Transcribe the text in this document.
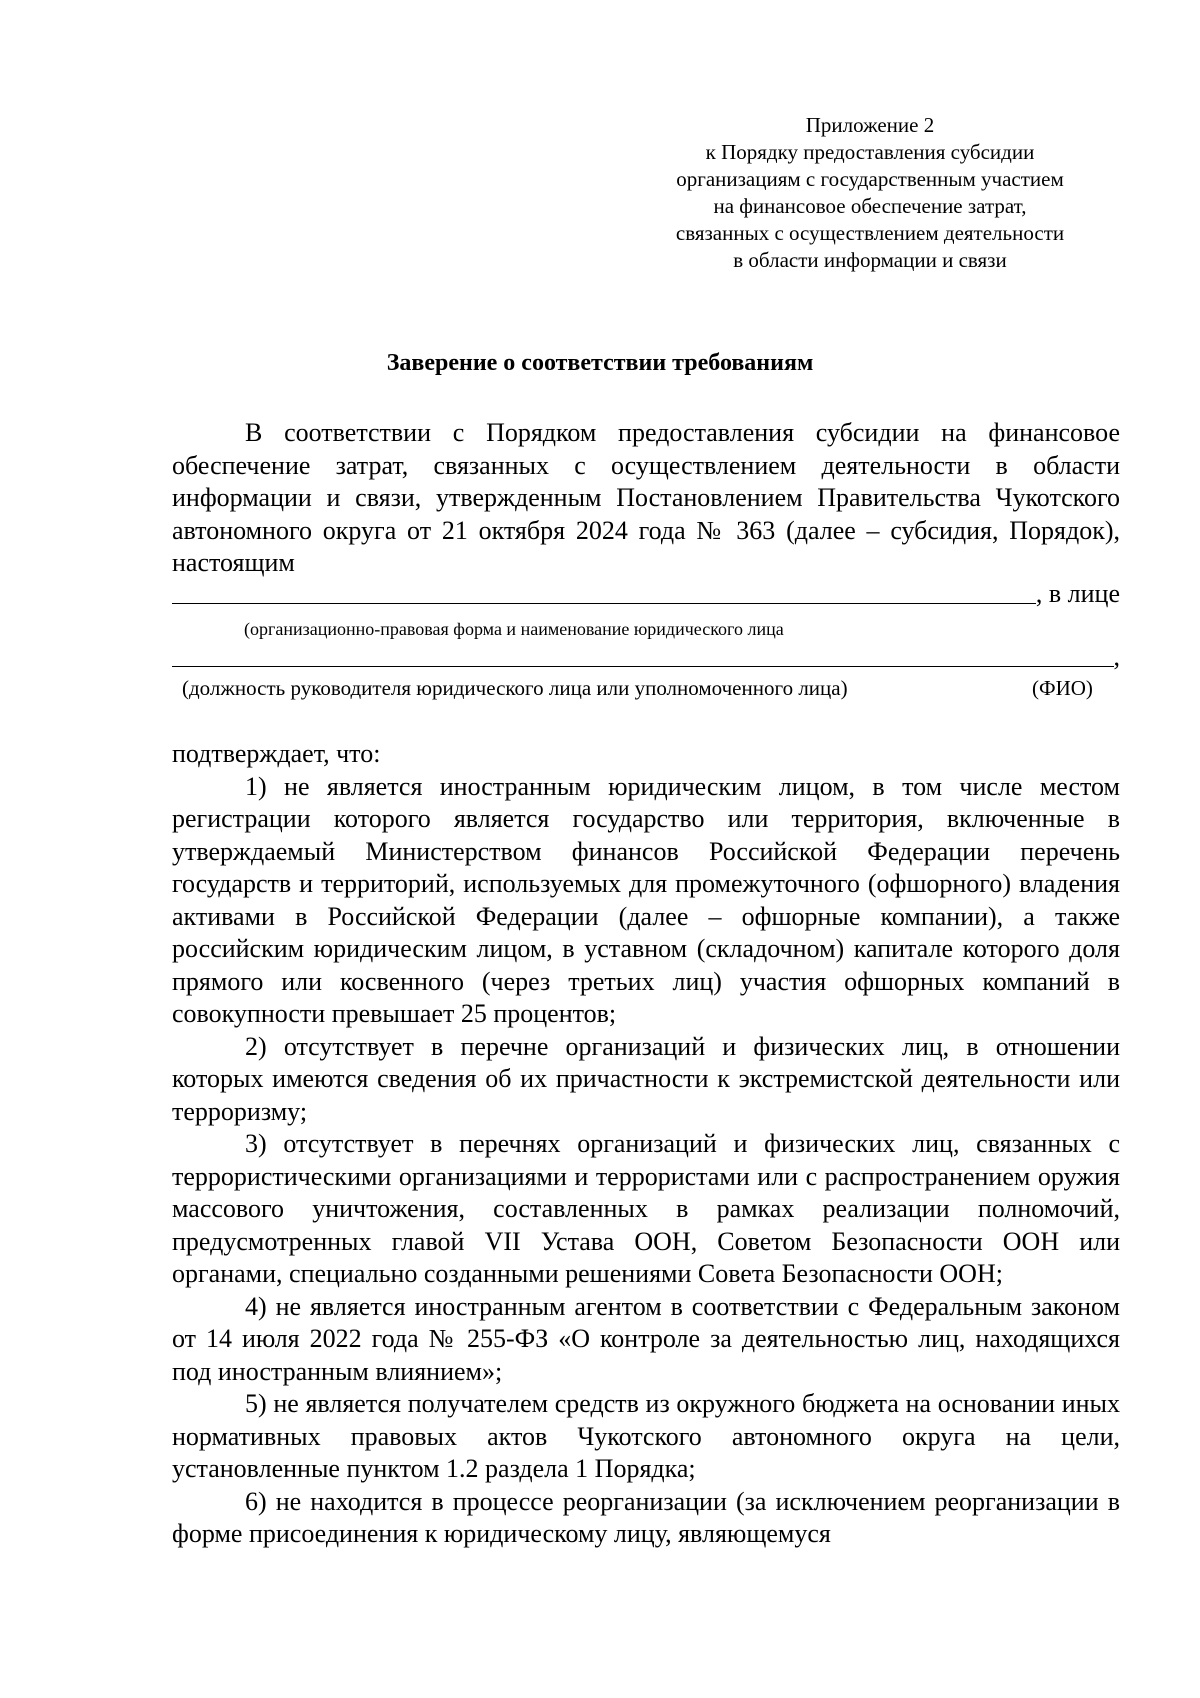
Приложение 2
к Порядку предоставления субсидии
организациям с государственным участием
на финансовое обеспечение затрат,
связанных с осуществлением деятельности
в области информации и связи
Заверение о соответствии требованиям

В соответствии с Порядком предоставления субсидии на финансовое обеспечение затрат, связанных с осуществлением деятельности в области информации и связи, утвержденным Постановлением Правительства Чукотского автономного округа от 21 октября 2024 года № 363 (далее – субсидия, Порядок), настоящим

, в лице
(организационно-правовая форма и наименование юридического лица
,
(должность руководителя юридического лица или уполномоченного лица)	(ФИО)

подтверждает, что:

1) не является иностранным юридическим лицом, в том числе местом регистрации которого является государство или территория, включенные в утверждаемый Министерством финансов Российской Федерации перечень государств и территорий, используемых для промежуточного (офшорного) владения активами в Российской Федерации (далее – офшорные компании), а также российским юридическим лицом, в уставном (складочном) капитале которого доля прямого или косвенного (через третьих лиц) участия офшорных компаний в совокупности превышает 25 процентов;

2) отсутствует в перечне организаций и физических лиц, в отношении которых имеются сведения об их причастности к экстремистской деятельности или терроризму;

3) отсутствует в перечнях организаций и физических лиц, связанных с террористическими организациями и террористами или с распространением оружия массового уничтожения, составленных в рамках реализации полномочий, предусмотренных главой VII Устава ООН, Советом Безопасности ООН или органами, специально созданными решениями Совета Безопасности ООН;

4) не является иностранным агентом в соответствии с Федеральным законом от 14 июля 2022 года № 255-ФЗ «О контроле за деятельностью лиц, находящихся под иностранным влиянием»;

5) не является получателем средств из окружного бюджета на основании иных нормативных правовых актов Чукотского автономного округа на цели, установленные пунктом 1.2 раздела 1 Порядка;

6) не находится в процессе реорганизации (за исключением реорганизации в форме присоединения к юридическому лицу, являющемуся
